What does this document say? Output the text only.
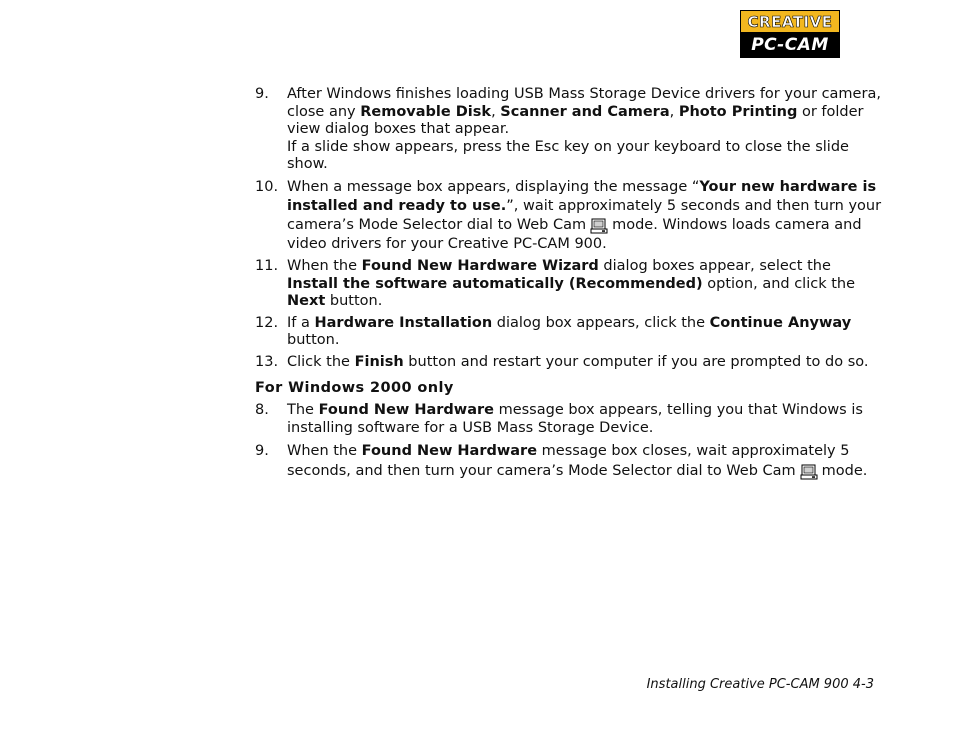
CREATIVE
PC-CAM
9. After Windows finishes loading USB Mass Storage Device drivers for your camera, close any Removable Disk, Scanner and Camera, Photo Printing or folder view dialog boxes that appear.
If a slide show appears, press the Esc key on your keyboard to close the slide show.
10. When a message box appears, displaying the message “Your new hardware is installed and ready to use.”, wait approximately 5 seconds and then turn your camera’s Mode Selector dial to Web Cam mode. Windows loads camera and video drivers for your Creative PC-CAM 900.
11. When the Found New Hardware Wizard dialog boxes appear, select the Install the software automatically (Recommended) option, and click the Next button.
12. If a Hardware Installation dialog box appears, click the Continue Anyway button.
13. Click the Finish button and restart your computer if you are prompted to do so.
For Windows 2000 only
8. The Found New Hardware message box appears, telling you that Windows is installing software for a USB Mass Storage Device.
9. When the Found New Hardware message box closes, wait approximately 5 seconds, and then turn your camera’s Mode Selector dial to Web Cam mode.
Installing Creative PC-CAM 900 4-3
